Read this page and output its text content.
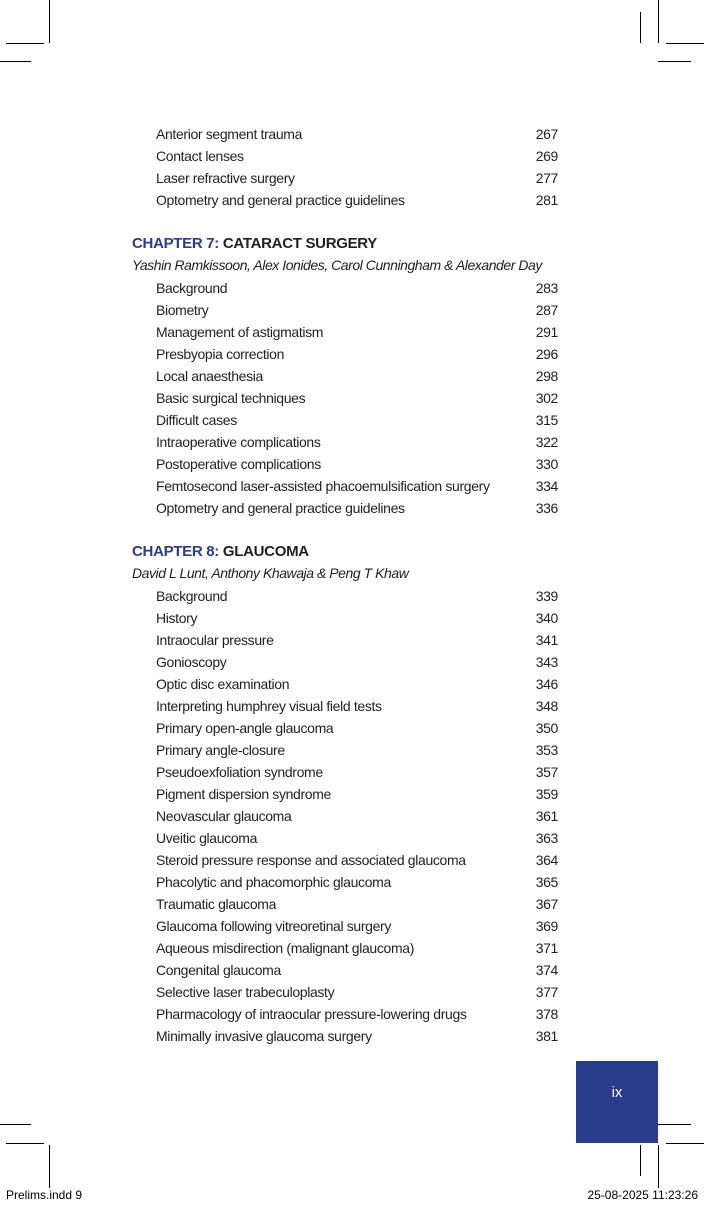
Anterior segment trauma	267
Contact lenses	269
Laser refractive surgery	277
Optometry and general practice guidelines	281
CHAPTER 7: CATARACT SURGERY
Yashin Ramkissoon, Alex Ionides, Carol Cunningham & Alexander Day
Background	283
Biometry	287
Management of astigmatism	291
Presbyopia correction	296
Local anaesthesia	298
Basic surgical techniques	302
Difficult cases	315
Intraoperative complications	322
Postoperative complications	330
Femtosecond laser-assisted phacoemulsification surgery	334
Optometry and general practice guidelines	336
CHAPTER 8: GLAUCOMA
David L Lunt, Anthony Khawaja & Peng T Khaw
Background	339
History	340
Intraocular pressure	341
Gonioscopy	343
Optic disc examination	346
Interpreting humphrey visual field tests	348
Primary open-angle glaucoma	350
Primary angle-closure	353
Pseudoexfoliation syndrome	357
Pigment dispersion syndrome	359
Neovascular glaucoma	361
Uveitic glaucoma	363
Steroid pressure response and associated glaucoma	364
Phacolytic and phacomorphic glaucoma	365
Traumatic glaucoma	367
Glaucoma following vitreoretinal surgery	369
Aqueous misdirection (malignant glaucoma)	371
Congenital glaucoma	374
Selective laser trabeculoplasty	377
Pharmacology of intraocular pressure-lowering drugs	378
Minimally invasive glaucoma surgery	381
ix
Prelims.indd 9	25-08-2025 11:23:26
